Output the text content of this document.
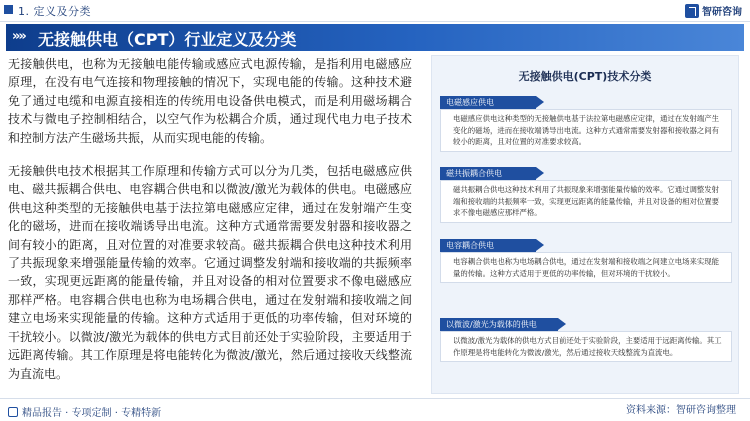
1. 定义及分类	智研咨询
»» 无接触供电（CPT）行业定义及分类

无接触供电，也称为无接触电能传输或感应式电源传输，是指利用电磁感应原理，在没有电气连接和物理接触的情况下，实现电能的传输。这种技术避免了通过电缆和电源直接相连的传统用电设备供电模式，而是利用磁场耦合技术与微电子控制相结合，以空气作为松耦合介质，通过现代电力电子技术和控制方法产生磁场共振，从而实现电能的传输。

无接触供电技术根据其工作原理和传输方式可以分为几类，包括电磁感应供电、磁共振耦合供电、电容耦合供电和以微波/激光为载体的供电。电磁感应供电这种类型的无接触供电基于法拉第电磁感应定律，通过在发射端产生变化的磁场，进而在接收端诱导出电流。这种方式通常需要发射器和接收器之间有较小的距离，且对位置的对准要求较高。磁共振耦合供电这种技术利用了共振现象来增强能量传输的效率。它通过调整发射端和接收端的共振频率一致，实现更远距离的能量传输，并且对设备的相对位置要求不像电磁感应那样严格。电容耦合供电也称为电场耦合供电，通过在发射端和接收端之间建立电场来实现能量的传输。这种方式适用于更低的功率传输，但对环境的干扰较小。以微波/激光为载体的供电方式目前还处于实验阶段，主要适用于远距离传输。其工作原理是将电能转化为微波/激光，然后通过接收天线整流为直流电。

无接触供电(CPT)技术分类
电磁感应供电
电磁感应供电这种类型的无接触供电基于法拉第电磁感应定律，通过在发射端产生变化的磁场，进而在接收端诱导出电流。这种方式通常需要发射器和接收器之间有较小的距离，且对位置的对准要求较高。
磁共振耦合供电
磁共振耦合供电这种技术利用了共振现象来增强能量传输的效率。它通过调整发射端和接收端的共振频率一致，实现更远距离的能量传输，并且对设备的相对位置要求不像电磁感应那样严格。
电容耦合供电
电容耦合供电也称为电场耦合供电，通过在发射端和接收端之间建立电场来实现能量的传输。这种方式适用于更低的功率传输，但对环境的干扰较小。
以微波/激光为载体的供电
以微波/激光为载体的供电方式目前还处于实验阶段，主要适用于远距离传输。其工作原理是将电能转化为微波/激光，然后通过接收天线整流为直流电。
精品报告 · 专项定制 · 专精特新	资料来源：智研咨询整理
